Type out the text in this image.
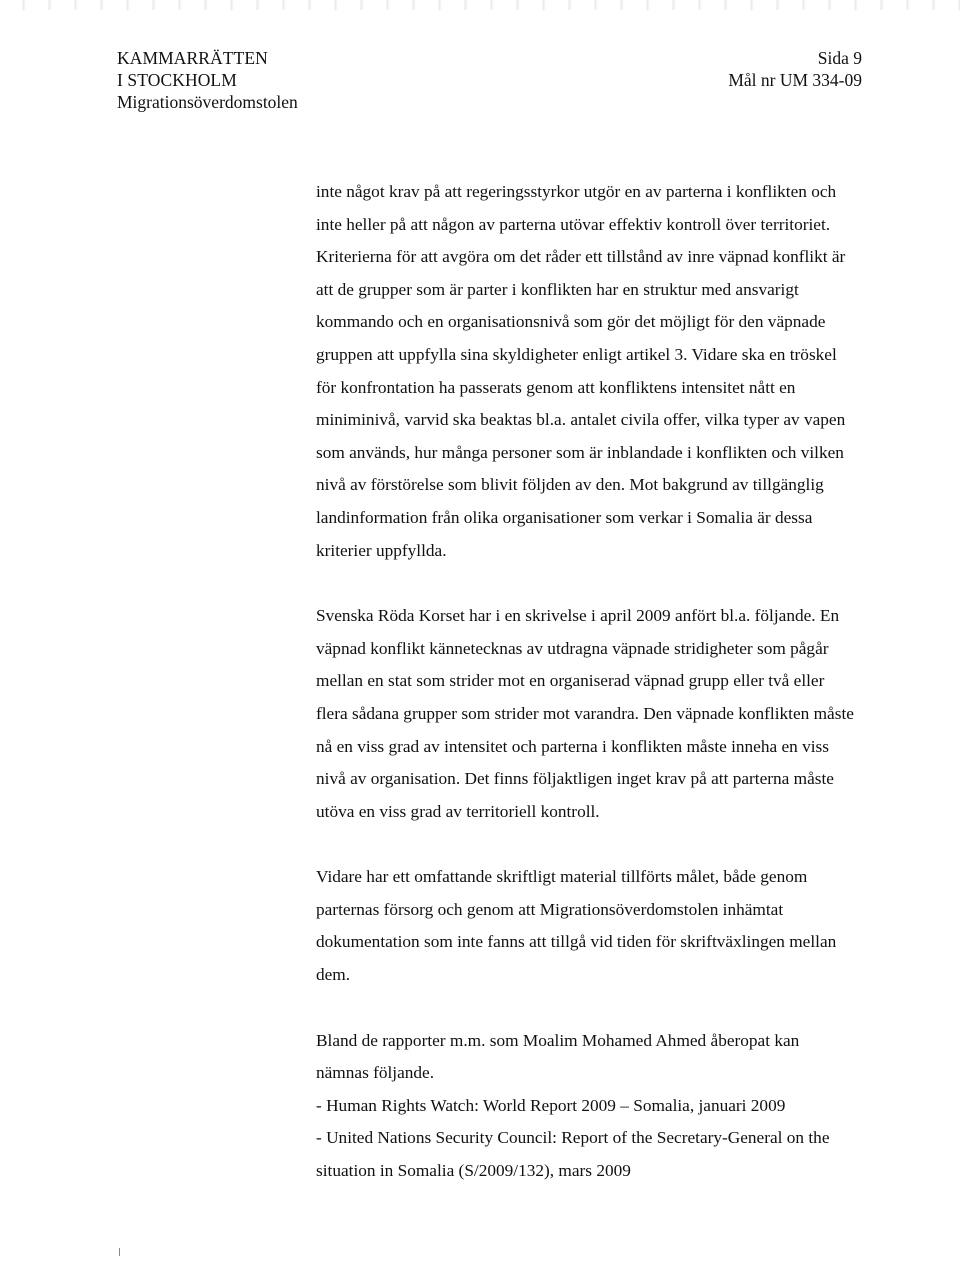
KAMMARRÄTTEN
I STOCKHOLM
Migrationsöverdomstolen
Sida 9
Mål nr UM 334-09

inte något krav på att regeringsstyrkor utgör en av parterna i konflikten och inte heller på att någon av parterna utövar effektiv kontroll över territoriet. Kriterierna för att avgöra om det råder ett tillstånd av inre väpnad konflikt är att de grupper som är parter i konflikten har en struktur med ansvarigt kommando och en organisationsnivå som gör det möjligt för den väpnade gruppen att uppfylla sina skyldigheter enligt artikel 3. Vidare ska en tröskel för konfrontation ha passerats genom att konfliktens intensitet nått en miniminivå, varvid ska beaktas bl.a. antalet civila offer, vilka typer av vapen som används, hur många personer som är inblandade i konflikten och vilken nivå av förstörelse som blivit följden av den. Mot bakgrund av tillgänglig landinformation från olika organisationer som verkar i Somalia är dessa kriterier uppfyllda.

Svenska Röda Korset har i en skrivelse i april 2009 anfört bl.a. följande. En väpnad konflikt kännetecknas av utdragna väpnade stridigheter som pågår mellan en stat som strider mot en organiserad väpnad grupp eller två eller flera sådana grupper som strider mot varandra. Den väpnade konflikten måste nå en viss grad av intensitet och parterna i konflikten måste inneha en viss nivå av organisation. Det finns följaktligen inget krav på att parterna måste utöva en viss grad av territoriell kontroll.

Vidare har ett omfattande skriftligt material tillförts målet, både genom parternas försorg och genom att Migrationsöverdomstolen inhämtat dokumentation som inte fanns att tillgå vid tiden för skriftväxlingen mellan dem.

Bland de rapporter m.m. som Moalim Mohamed Ahmed åberopat kan nämnas följande.

- Human Rights Watch: World Report 2009 – Somalia, januari 2009

- United Nations Security Council: Report of the Secretary-General on the situation in Somalia (S/2009/132), mars 2009
